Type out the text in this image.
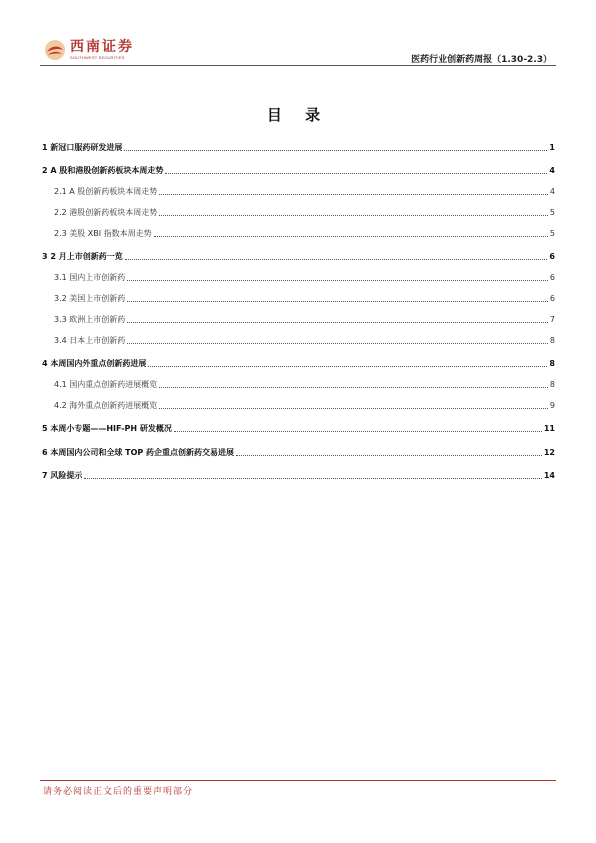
西南证券
SOUTHWEST SECURITIES	医药行业创新药周报（1.30-2.3）
目 录
1 新冠口服药研发进展	1
2 A 股和港股创新药板块本周走势	4
2.1 A 股创新药板块本周走势	4
2.2 港股创新药板块本周走势	5
2.3 美股 XBI 指数本周走势	5
3 2 月上市创新药一览	6
3.1 国内上市创新药	6
3.2 美国上市创新药	6
3.3 欧洲上市创新药	7
3.4 日本上市创新药	8
4 本周国内外重点创新药进展	8
4.1 国内重点创新药进展概览	8
4.2 海外重点创新药进展概览	9
5 本周小专题——HIF-PH 研发概况	11
6 本周国内公司和全球 TOP 药企重点创新药交易进展	12
7 风险提示	14
请务必阅读正文后的重要声明部分
